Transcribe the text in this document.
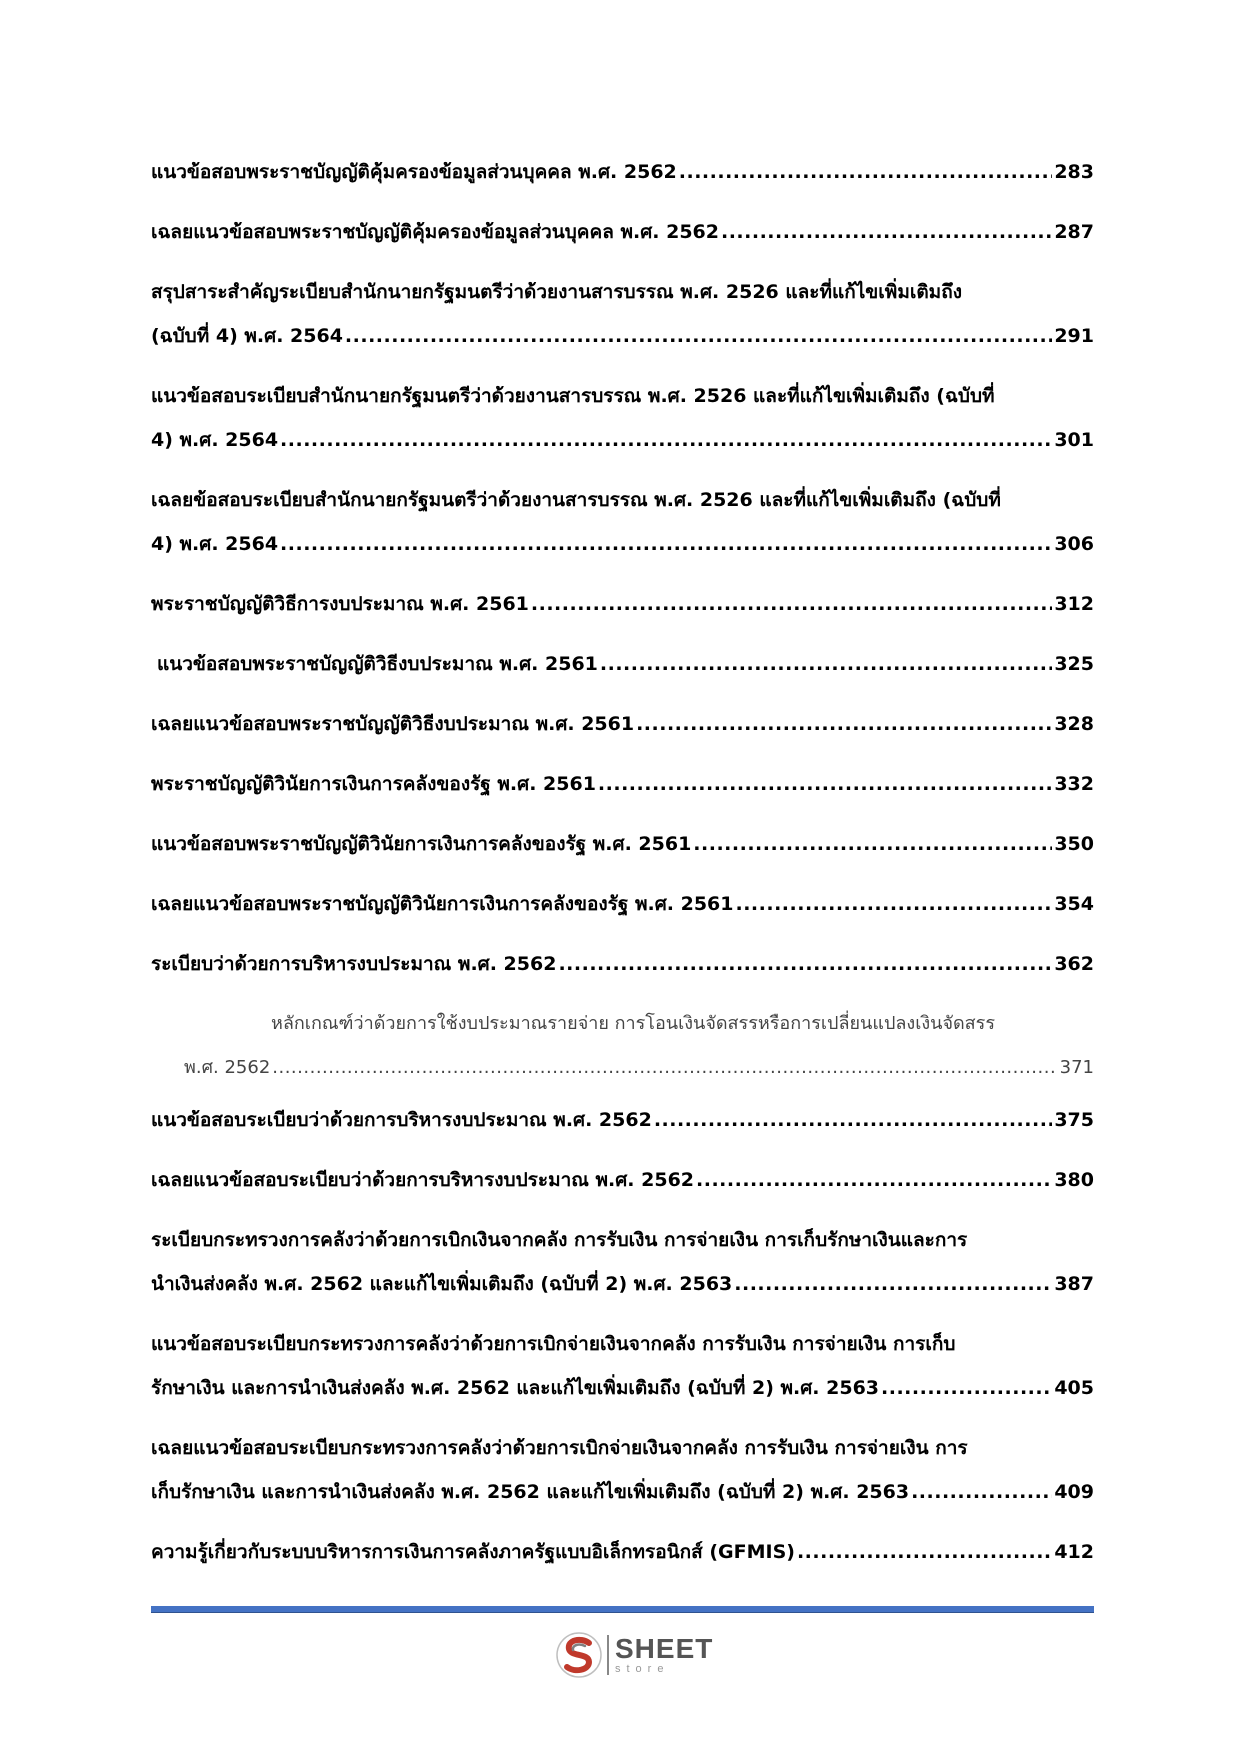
แนวข้อสอบพระราชบัญญัติคุ้มครองข้อมูลส่วนบุคคล พ.ศ. 2562 .....	283
เฉลยแนวข้อสอบพระราชบัญญัติคุ้มครองข้อมูลส่วนบุคคล พ.ศ. 2562 .....	287
สรุปสาระสำคัญระเบียบสำนักนายกรัฐมนตรีว่าด้วยงานสารบรรณ พ.ศ. 2526 และที่แก้ไขเพิ่มเติมถึง
(ฉบับที่ 4) พ.ศ. 2564 .....	291
แนวข้อสอบระเบียบสำนักนายกรัฐมนตรีว่าด้วยงานสารบรรณ พ.ศ. 2526 และที่แก้ไขเพิ่มเติมถึง (ฉบับที่
4) พ.ศ. 2564 .....	301
เฉลยข้อสอบระเบียบสำนักนายกรัฐมนตรีว่าด้วยงานสารบรรณ พ.ศ. 2526 และที่แก้ไขเพิ่มเติมถึง (ฉบับที่
4) พ.ศ. 2564 .....	306
พระราชบัญญัติวิธีการงบประมาณ พ.ศ. 2561 .....	312
แนวข้อสอบพระราชบัญญัติวิธีงบประมาณ พ.ศ. 2561 .....	325
เฉลยแนวข้อสอบพระราชบัญญัติวิธีงบประมาณ พ.ศ. 2561 .....	328
พระราชบัญญัติวินัยการเงินการคลังของรัฐ พ.ศ. 2561 .....	332
แนวข้อสอบพระราชบัญญัติวินัยการเงินการคลังของรัฐ พ.ศ. 2561 .....	350
เฉลยแนวข้อสอบพระราชบัญญัติวินัยการเงินการคลังของรัฐ พ.ศ. 2561 .....	354
ระเบียบว่าด้วยการบริหารงบประมาณ พ.ศ. 2562 .....	362
หลักเกณฑ์ว่าด้วยการใช้งบประมาณรายจ่าย การโอนเงินจัดสรรหรือการเปลี่ยนแปลงเงินจัดสรร
พ.ศ. 2562 .....	371
แนวข้อสอบระเบียบว่าด้วยการบริหารงบประมาณ พ.ศ. 2562 .....	375
เฉลยแนวข้อสอบระเบียบว่าด้วยการบริหารงบประมาณ พ.ศ. 2562 .....	380
ระเบียบกระทรวงการคลังว่าด้วยการเบิกเงินจากคลัง การรับเงิน การจ่ายเงิน การเก็บรักษาเงินและการ
นำเงินส่งคลัง พ.ศ. 2562 และแก้ไขเพิ่มเติมถึง (ฉบับที่ 2) พ.ศ. 2563 .....	387
แนวข้อสอบระเบียบกระทรวงการคลังว่าด้วยการเบิกจ่ายเงินจากคลัง การรับเงิน การจ่ายเงิน การเก็บ
รักษาเงิน และการนำเงินส่งคลัง พ.ศ. 2562 และแก้ไขเพิ่มเติมถึง (ฉบับที่ 2) พ.ศ. 2563 .....	405
เฉลยแนวข้อสอบระเบียบกระทรวงการคลังว่าด้วยการเบิกจ่ายเงินจากคลัง การรับเงิน การจ่ายเงิน การ
เก็บรักษาเงิน และการนำเงินส่งคลัง พ.ศ. 2562 และแก้ไขเพิ่มเติมถึง (ฉบับที่ 2) พ.ศ. 2563 .....	409
ความรู้เกี่ยวกับระบบบริหารการเงินการคลังภาครัฐแบบอิเล็กทรอนิกส์ (GFMIS) .....	412
SHEET
store
